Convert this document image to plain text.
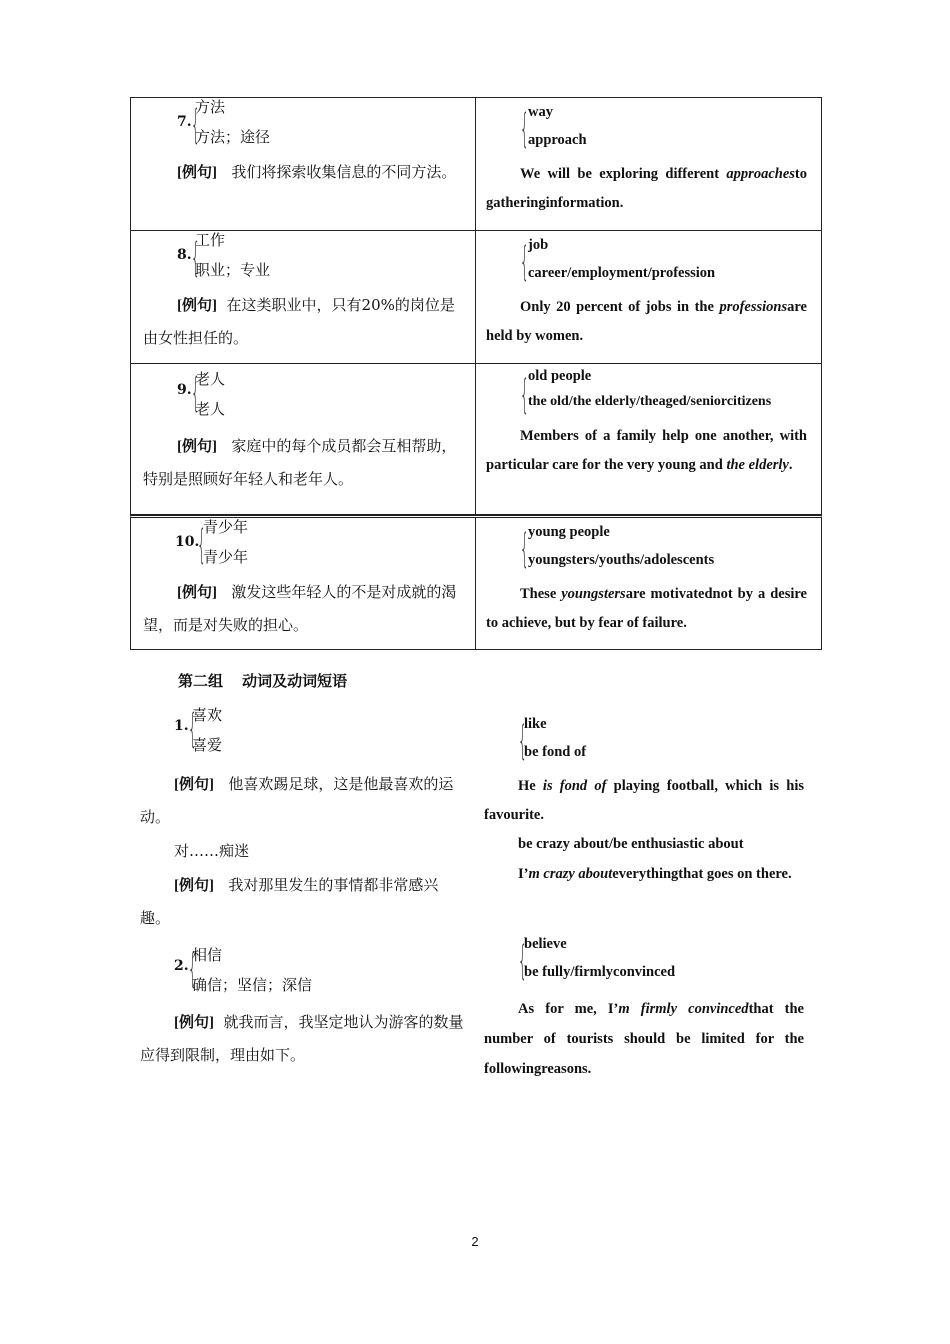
7. {
方法
方法；途径
[例句] 我们将探索收集信息的不同方法。
{ way
approach
We will be exploring different approachesto gatheringinformation.
8. {
工作
职业；专业
[例句] 在这类职业中，只有20%的岗位是由女性担任的。
{ job
career/employment/profession
Only 20 percent of jobs in the professionsare held by women.
9. {
老人
老人
[例句] 家庭中的每个成员都会互相帮助，特别是照顾好年轻人和老年人。
{ old people
the old/the elderly/theaged/seniorcitizens
Members of a family help one another, with particular care for the very young and the elderly.
10.
{
青少年
青少年
[例句] 激发这些年轻人的不是对成就的渴望，而是对失败的担心。
{ young people
youngsters/youths/adolescents
These youngstersare motivatednot by a desire to achieve, but by fear of failure.
第二组 动词及动词短语
1. {
喜欢
喜爱
[例句] 他喜欢踢足球，这是他最喜欢的运动。
对……痴迷
[例句] 我对那里发生的事情都非常感兴趣。
{
like
be fond of
He is fond of playing football, which is his favourite.
be crazy about/be enthusiastic about
I’m crazy abouteverythingthat goes on there.
2. {
相信
确信；坚信；深信
[例句] 就我而言，我坚定地认为游客的数量应得到限制，理由如下。
{
believe
be fully/firmlyconvinced
As for me, I’m firmly convincedthat the number of tourists should be limited for the followingreasons.
2
